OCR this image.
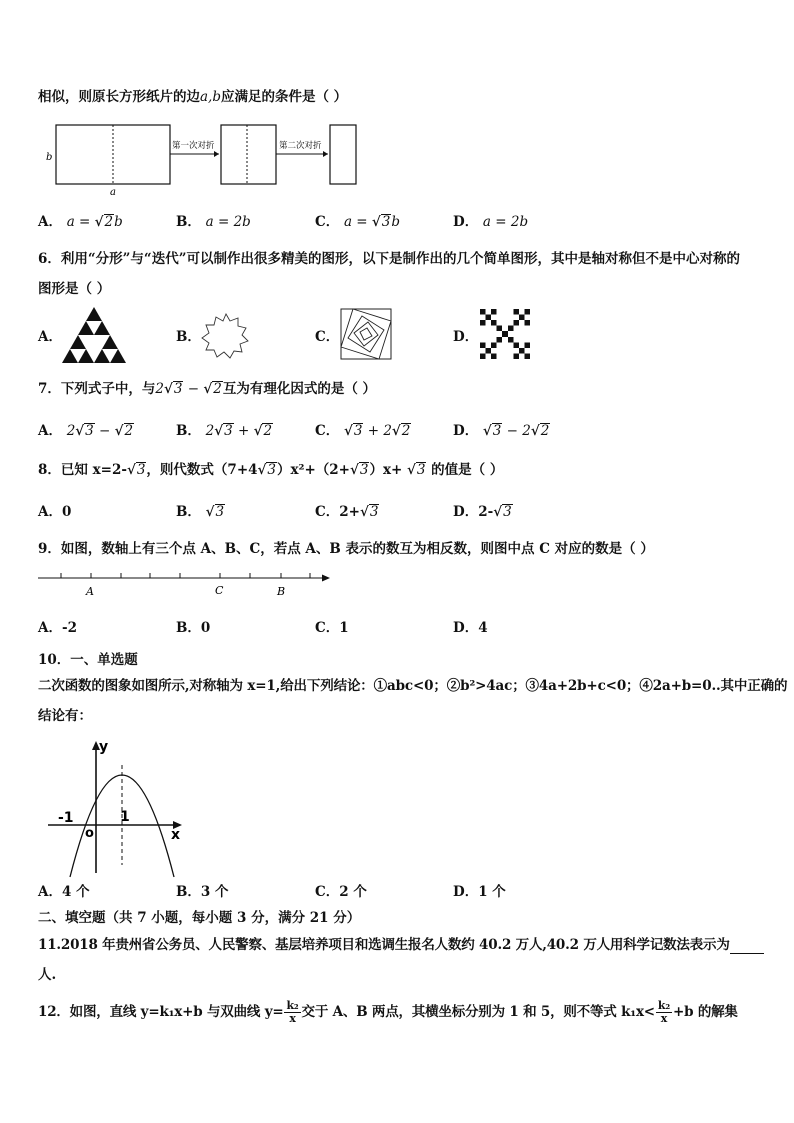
相似，则原长方形纸片的边a,b应满足的条件是（ ）
b
a
第一次对折	第二次对折
A． a = √2b	B． a = 2b	C． a = √3b	D． a = 2b
6．利用“分形”与“迭代”可以制作出很多精美的图形，以下是制作出的几个简单图形，其中是轴对称但不是中心对称的
图形是（ ）
A．	B．	C．	D．
7．下列式子中，与2√3 − √2互为有理化因式的是（ ）
A． 2√3 − √2	B． 2√3 + √2	C． √3 + 2√2	D． √3 − 2√2
8．已知 x=2-√3，则代数式（7+4√3）x²+（2+√3）x+ √3 的值是（ ）
A．0	B． √3	C．2+√3	D．2-√3
9．如图，数轴上有三个点 A、B、C，若点 A、B 表示的数互为相反数，则图中点 C 对应的数是（ ）
A	C	B
A．-2	B．0	C．1	D．4
10．一、单选题
二次函数的图象如图所示,对称轴为 x=1,给出下列结论：①abc<0；②b²>4ac；③4a+2b+c<0；④2a+b=0..其中正确的
结论有：
y
x
-1
o
1
A．4 个	B．3 个	C．2 个	D．1 个
二、填空题（共 7 小题，每小题 3 分，满分 21 分）
11.2018 年贵州省公务员、人民警察、基层培养项目和选调生报名人数约 40.2 万人,40.2 万人用科学记数法表示为
人.
12．如图，直线 y=k₁x+b 与双曲线 $y= \frac{\text{k₂}}{x}$ 交于 A、B 两点，其横坐标分别为 1 和 5，则不等式 $k_1x< \frac{\text{k₂}}{x} +b$ 的解集
